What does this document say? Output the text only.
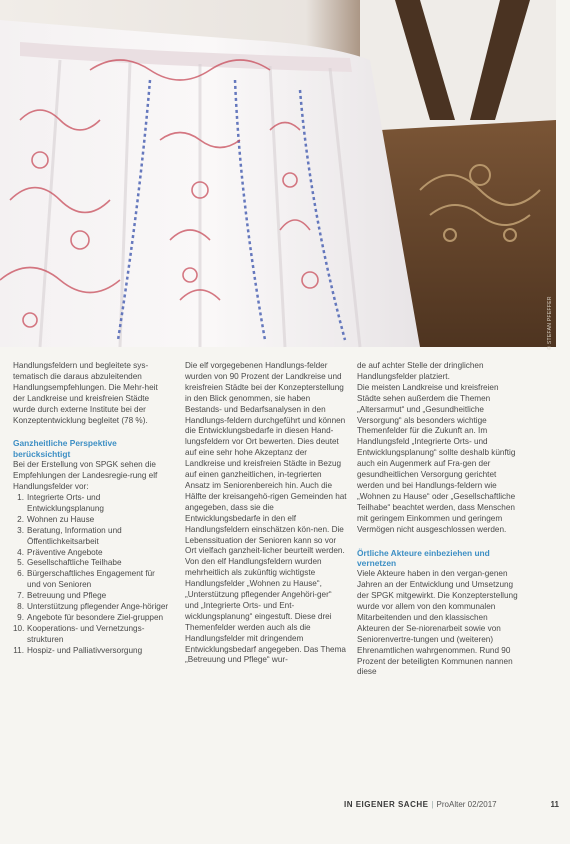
© STEFAN PFEFFER

Handlungsfeldern und begleitete sys-tematisch die daraus abzuleitenden Handlungsempfehlungen. Die Mehr-heit der Landkreise und kreisfreien Städte wurde durch externe Institute bei der Konzeptentwicklung begleitet (78 %).

Ganzheitliche Perspektive berücksichtigt

Bei der Erstellung von SPGK sehen die Empfehlungen der Landesregie-rung elf Handlungsfelder vor:

1. Integrierte Orts- und Entwicklungsplanung
2. Wohnen zu Hause
3. Beratung, Information und Öffentlichkeitsarbeit
4. Präventive Angebote
5. Gesellschaftliche Teilhabe
6. Bürgerschaftliches Engagement für und von Senioren
7. Betreuung und Pflege
8. Unterstützung pflegender Ange-höriger
9. Angebote für besondere Ziel-gruppen
10. Kooperations- und Vernetzungs-strukturen
11. Hospiz- und Palliativversorgung

Die elf vorgegebenen Handlungs-felder wurden von 90 Prozent der Landkreise und kreisfreien Städte bei der Konzepterstellung in den Blick genommen, sie haben Bestands- und Bedarfsanalysen in den Handlungs-feldern durchgeführt und können die Entwicklungsbedarfe in diesen Hand-lungsfeldern vor Ort bewerten. Dies deutet auf eine sehr hohe Akzeptanz der Landkreise und kreisfreien Städte in Bezug auf einen ganzheitlichen, in-tegrierten Ansatz im Seniorenbereich hin. Auch die Hälfte der kreisangehö-rigen Gemeinden hat angegeben, dass sie die Entwicklungsbedarfe in den elf Handlungsfeldern einschätzen kön-nen. Die Lebenssituation der Senioren kann so vor Ort vielfach ganzheit-licher beurteilt werden.

Von den elf Handlungsfeldern wurden mehrheitlich als zukünftig wichtigste Handlungsfelder „Wohnen zu Hause“, „Unterstützung pflegender Angehöri-ger“ und „Integrierte Orts- und Ent-wicklungsplanung“ eingestuft. Diese drei Themenfelder werden auch als die Handlungsfelder mit dringendem Entwicklungsbedarf angegeben. Das Thema „Betreuung und Pflege“ wur-

de auf achter Stelle der dringlichen Handlungsfelder platziert.

Die meisten Landkreise und kreisfreien Städte sehen außerdem die Themen „Altersarmut“ und „Gesundheitliche Versorgung“ als besonders wichtige Themenfelder für die Zukunft an. Im Handlungsfeld „Integrierte Orts- und Entwicklungsplanung“ sollte deshalb künftig auch ein Augenmerk auf Fra-gen der gesundheitlichen Versorgung gerichtet werden und bei Handlungs-feldern wie „Wohnen zu Hause“ oder „Gesellschaftliche Teilhabe“ beachtet werden, dass Menschen mit geringem Einkommen und geringem Vermögen nicht ausgeschlossen werden.

Örtliche Akteure einbeziehen und vernetzen

Viele Akteure haben in den vergan-genen Jahren an der Entwicklung und Umsetzung der SPGK mitgewirkt. Die Konzepterstellung wurde vor allem von den kommunalen Mitarbeitenden und den klassischen Akteuren der Se-niorenarbeit sowie von Seniorenvertre-tungen und (weiteren) Ehrenamtlichen wahrgenommen. Rund 90 Prozent der beteiligten Kommunen nannen diese

IN EIGENER SACHE | ProAlter 02/2017	11
